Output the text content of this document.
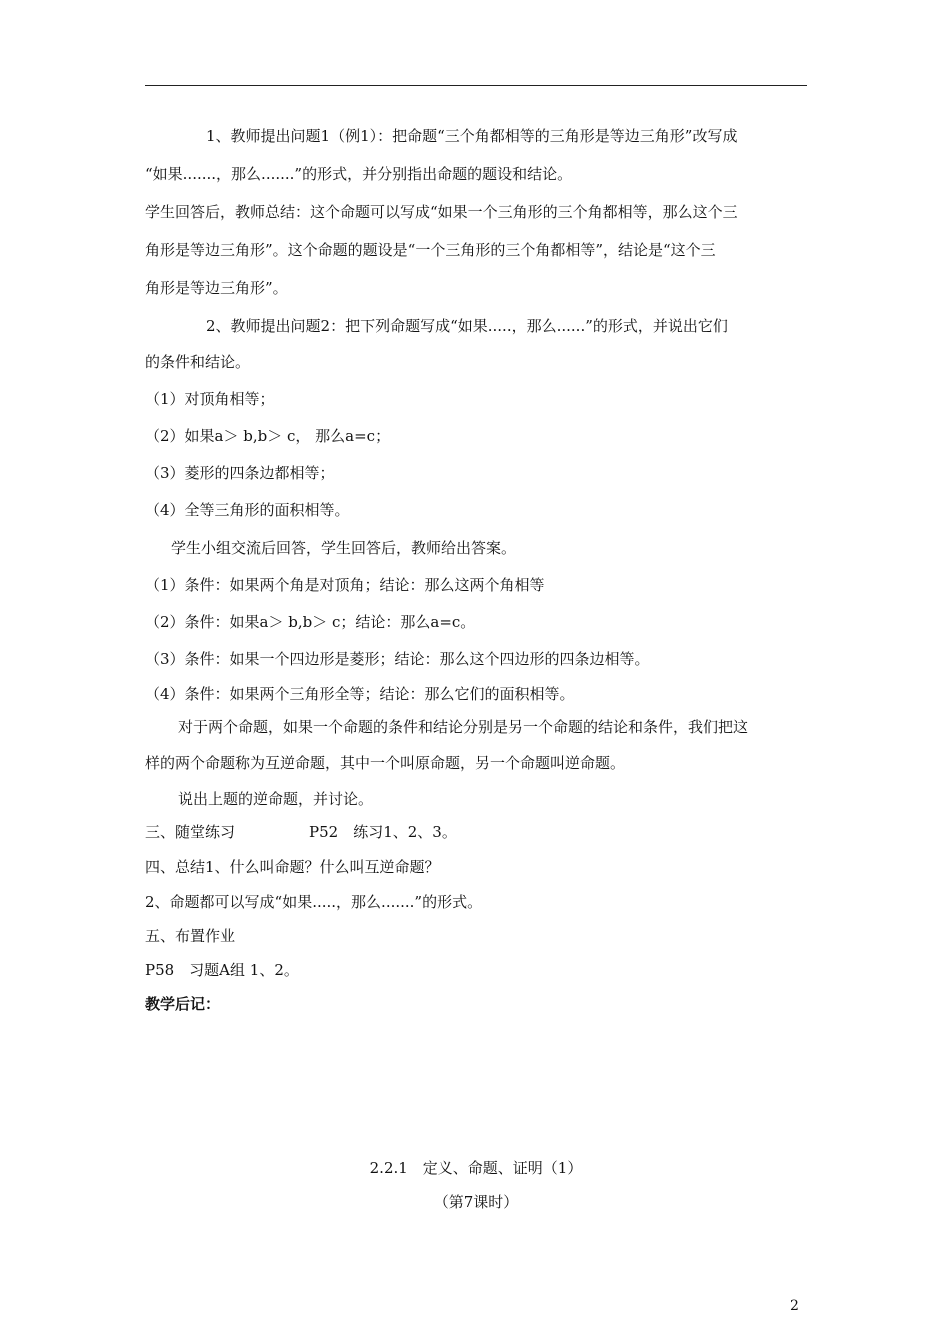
1、教师提出问题1（例1）：把命题“三个角都相等的三角形是等边三角形”改写成
“如果.......，那么.......”的形式，并分别指出命题的题设和结论。
学生回答后，教师总结：这个命题可以写成“如果一个三角形的三个角都相等，那么这个三
角形是等边三角形”。这个命题的题设是“一个三角形的三个角都相等”，结论是“这个三
角形是等边三角形”。
2、教师提出问题2：把下列命题写成“如果.....，那么......”的形式，并说出它们
的条件和结论。
（1）对顶角相等；
（2）如果a＞ b,b＞ c， 那么a=c；
（3）菱形的四条边都相等；
（4）全等三角形的面积相等。
学生小组交流后回答，学生回答后，教师给出答案。
（1）条件：如果两个角是对顶角；结论：那么这两个角相等
（2）条件：如果a＞ b,b＞ c；结论：那么a=c。
（3）条件：如果一个四边形是菱形；结论：那么这个四边形的四条边相等。
（4）条件：如果两个三角形全等；结论：那么它们的面积相等。
对于两个命题，如果一个命题的条件和结论分别是另一个命题的结论和条件，我们把这
样的两个命题称为互逆命题，其中一个叫原命题，另一个命题叫逆命题。
说出上题的逆命题，并讨论。
三、随堂练习	P52　练习1、2、3。
四、总结1、什么叫命题？什么叫互逆命题？
2、命题都可以写成“如果.....，那么.......”的形式。
五、布置作业
P58　习题A组 1、2。
教学后记：
2.2.1　定义、命题、证明（1）
（第7课时）
2
